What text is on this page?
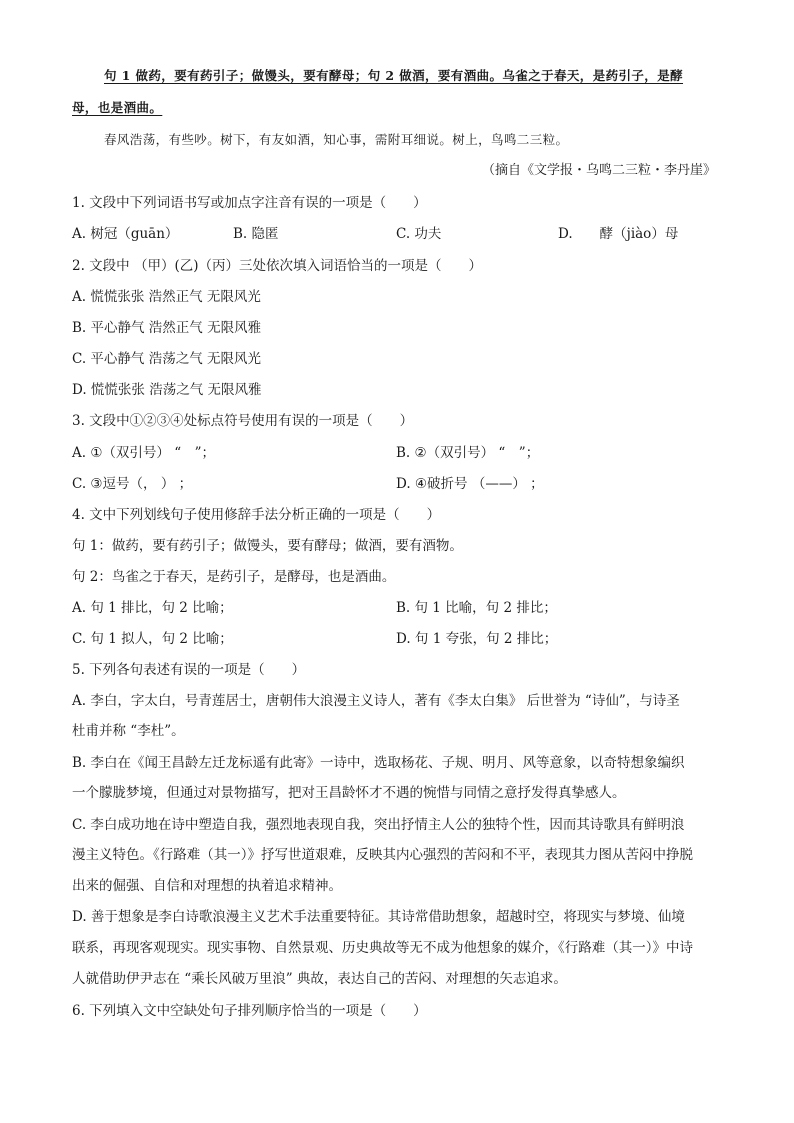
句 1 做药，要有药引子；做馒头，要有酵母；句 2 做酒，要有酒曲。乌雀之于春天，是药引子，是酵
母，也是酒曲。
春风浩荡，有些吵。树下，有友如酒，知心事，需附耳细说。树上，鸟鸣二三粒。
（摘自《文学报・乌鸣二三粒・李丹崖》
1. 文段中下列词语书写或加点字注音有误的一项是（　　）
A. 树冠（guān）	B. 隐匿	C. 功夫	D.　　酵（jiào）母
2. 文段中 （甲）(乙)（丙）三处依次填入词语恰当的一项是（　　）
A. 慌慌张张 浩然正气 无限风光
B. 平心静气 浩然正气 无限风雅
C. 平心静气 浩荡之气 无限风光
D. 慌慌张张 浩荡之气 无限风雅
3. 文段中①②③④处标点符号使用有误的一项是（　　）
A. ①（双引号） “　”；	B. ②（双引号） “　”；
C. ③逗号（， ） ；	D. ④破折号 （——） ；
4. 文中下列划线句子使用修辞手法分析正确的一项是（　　）
句 1：做药，要有药引子；做馒头，要有酵母；做酒，要有酒物。
句 2：鸟雀之于春天，是药引子，是酵母，也是酒曲。
A. 句 1 排比，句 2 比喻；	B. 句 1 比喻，句 2 排比；
C. 句 1 拟人，句 2 比喻；	D. 句 1 夸张，句 2 排比；
5. 下列各句表述有误的一项是（　　）
A. 李白，字太白，号青莲居士，唐朝伟大浪漫主义诗人，著有《李太白集》 后世誉为 “诗仙”，与诗圣
杜甫并称 “李杜”。
B. 李白在《闻王昌龄左迁龙标遥有此寄》一诗中，选取杨花、子规、明月、风等意象，以奇特想象编织
一个朦胧梦境，但通过对景物描写，把对王昌龄怀才不遇的惋惜与同情之意抒发得真挚感人。
C. 李白成功地在诗中塑造自我，强烈地表现自我，突出抒情主人公的独特个性，因而其诗歌具有鲜明浪
漫主义特色。《行路难（其一）》抒写世道艰难，反映其内心强烈的苦闷和不平，表现其力图从苦闷中挣脱
出来的倔强、自信和对理想的执着追求精神。
D. 善于想象是李白诗歌浪漫主义艺术手法重要特征。其诗常借助想象，超越时空，将现实与梦境、仙境
联系，再现客观现实。现实事物、自然景观、历史典故等无不成为他想象的媒介，《行路难（其一）》中诗
人就借助伊尹志在 “乘长风破万里浪” 典故，表达自己的苦闷、对理想的矢志追求。
6. 下列填入文中空缺处句子排列顺序恰当的一项是（　　）
